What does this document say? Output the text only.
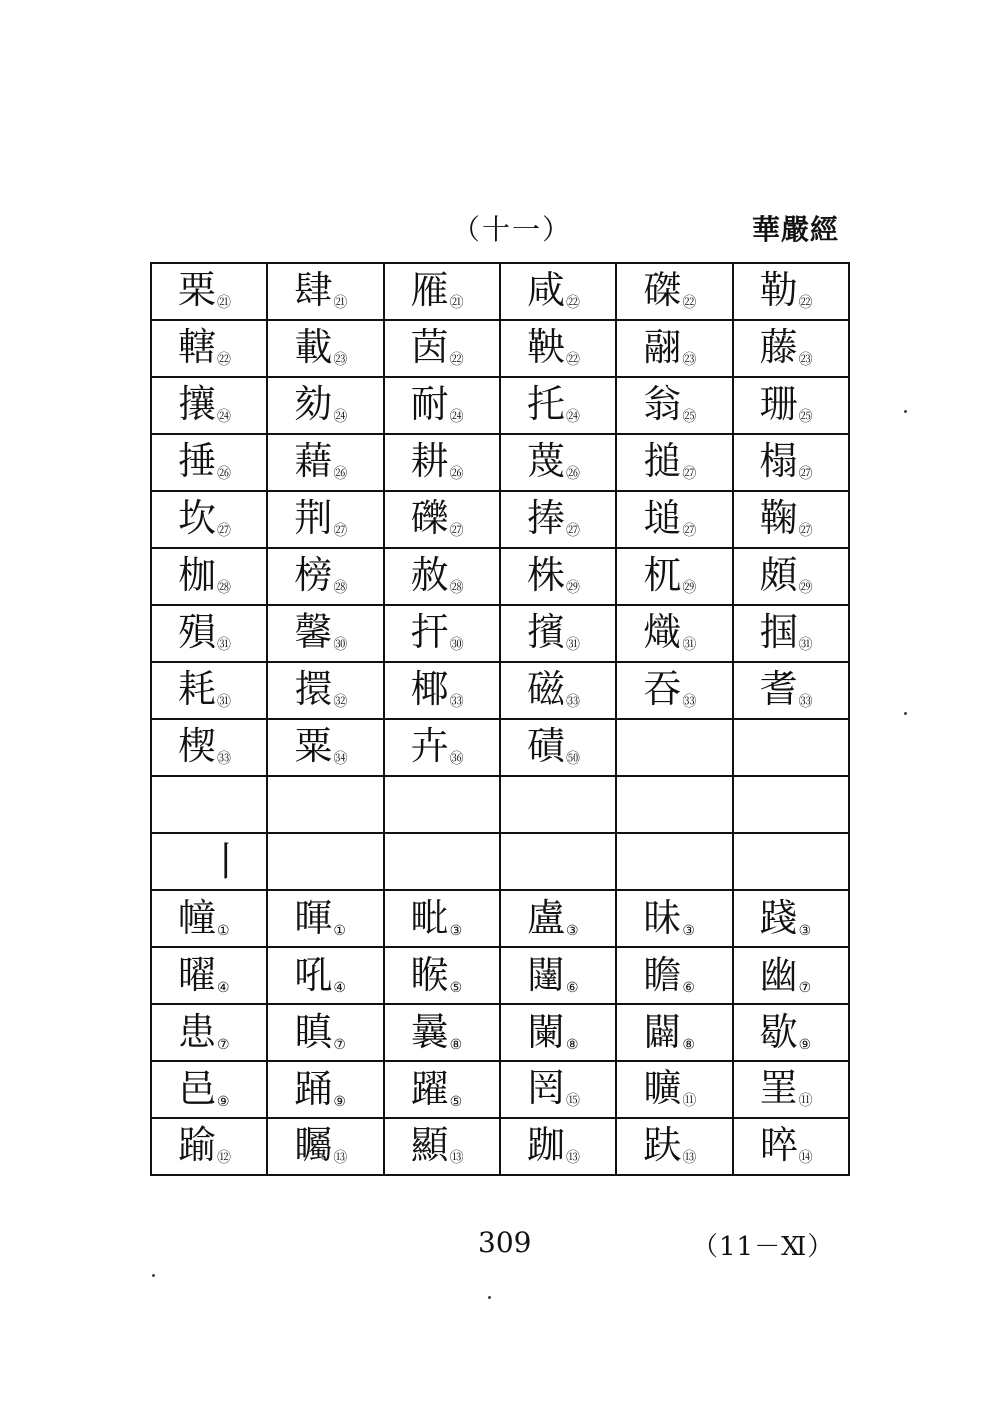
（十一）	華嚴經
栗㉑	肆㉑	雁㉑	咸㉒	磔㉒	勒㉒
轄㉒	載㉓	茵㉒	鞅㉒	翮㉓	藤㉓
攘㉔	劾㉔	耐㉔	托㉔	翁㉕	珊㉕
捶㉖	藉㉖	耕㉖	蔑㉖	搥㉗	榻㉗
坎㉗	荆㉗	礫㉗	捧㉗	塠㉗	鞠㉗
枷㉘	榜㉘	赦㉘	株㉙	杌㉙	頗㉙
殞㉛	馨㉚	扞㉚	擯㉛	熾㉛	掴㉛
耗㉛	擐㉜	椰㉝	磁㉝	吞㉝	耆㉝
楔㉝	粟㉞	卉㊱	磧㊿		

丨					
幢①	暉①	毗③	盧③	昧③	踐③
曜④	吼④	睺⑤	闥⑥	瞻⑥	幽⑦
患⑦	瞋⑦	曩⑧	闌⑧	闢⑧	歇⑨
邑⑨	踊⑨	躍⑤	罔⑮	曠⑪	罣⑪
踰⑫	矚⑬	顯⑬	跏⑬	趺⑬	晬⑭
309	（11－Ⅺ）
